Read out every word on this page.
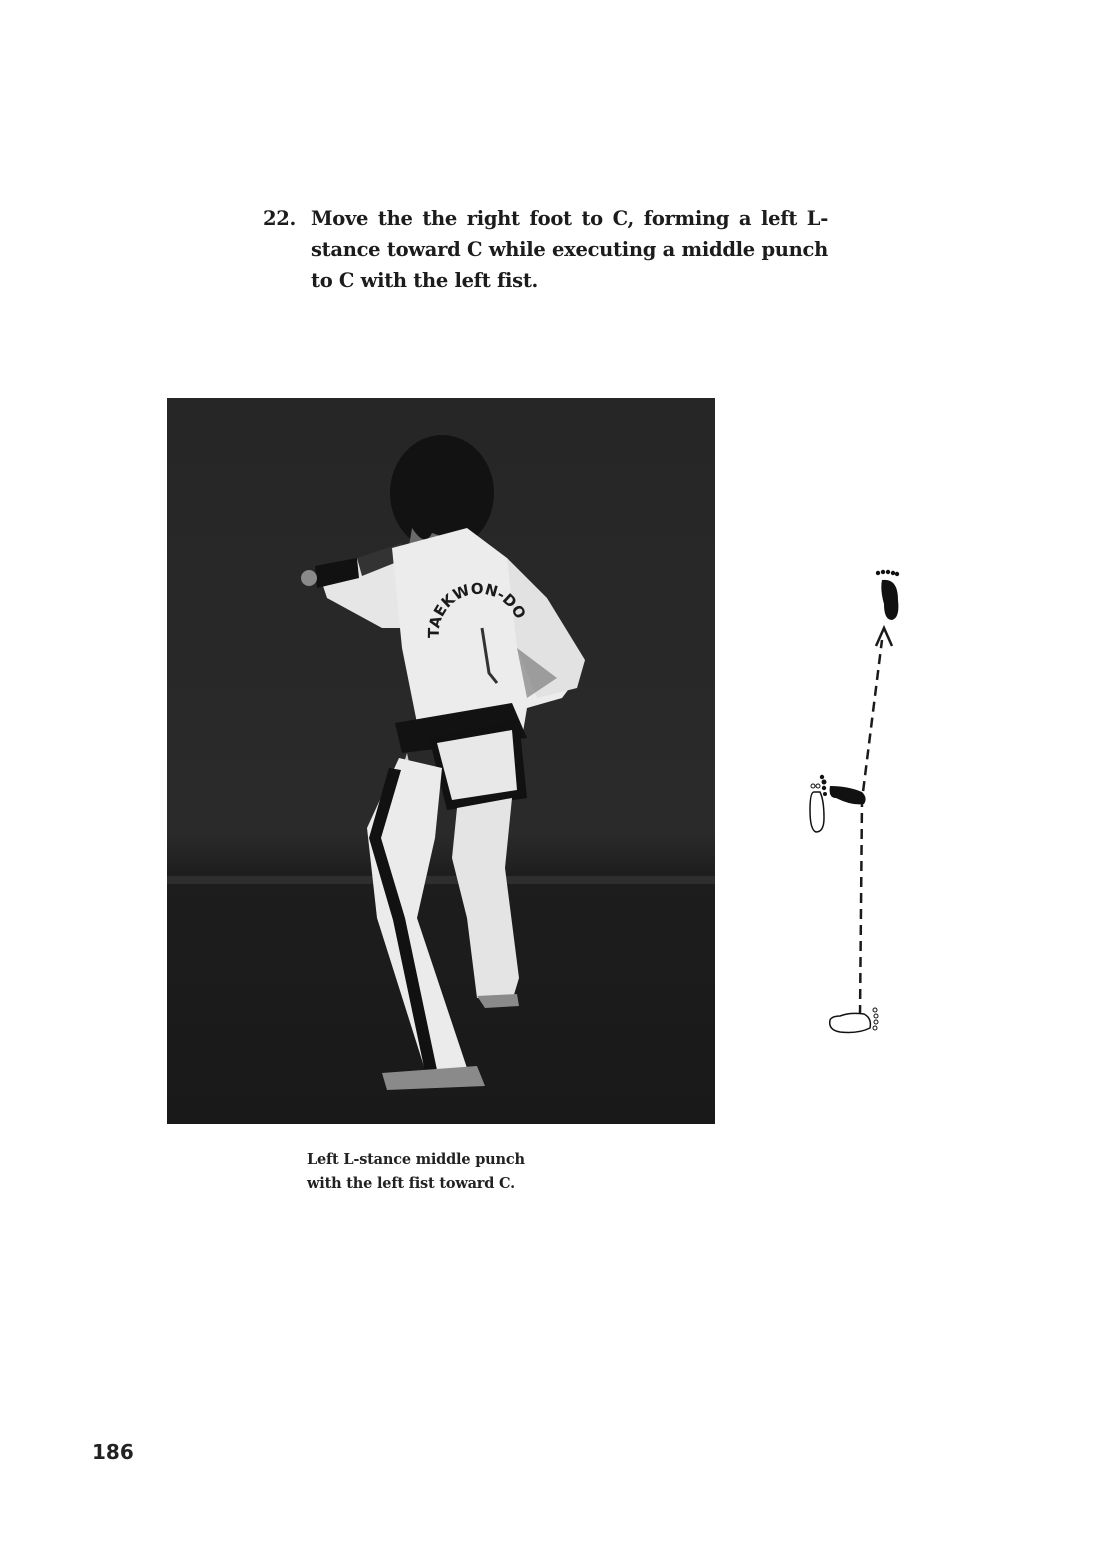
22. Move the the right foot to C, forming a left L-stance toward C while executing a middle punch to C with the left fist.
TAEKWON-DO
Left L-stance middle punch
with the left fist toward C.
186
